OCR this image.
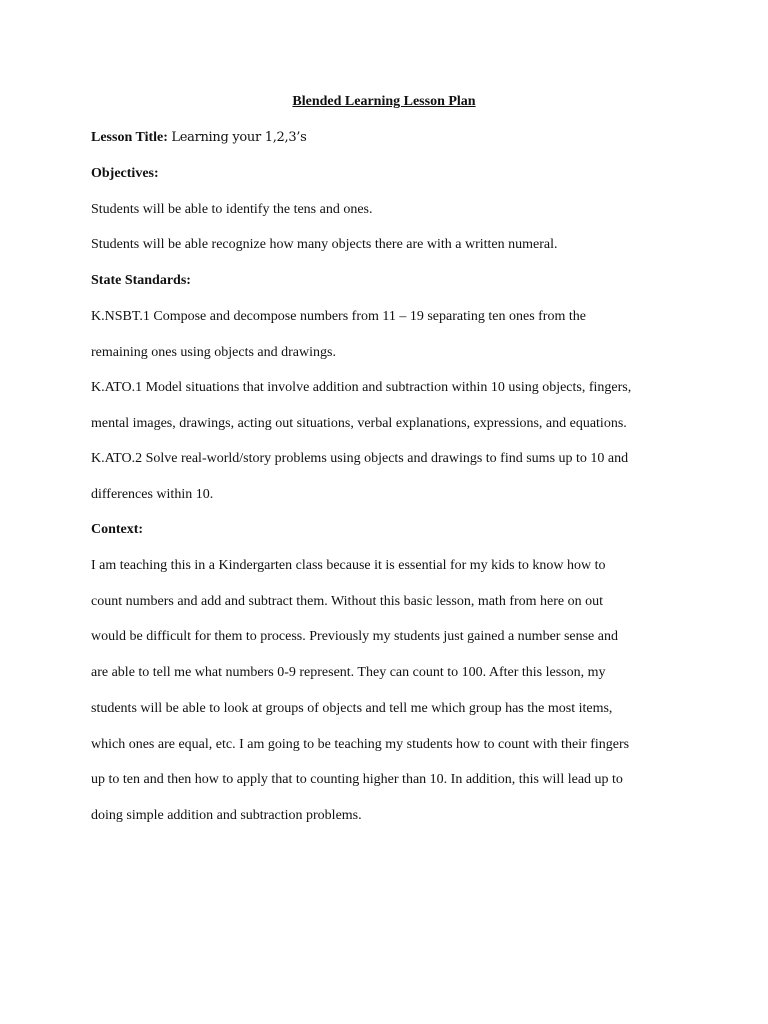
Blended Learning Lesson Plan

Lesson Title: Learning your 1,2,3’s

Objectives:

Students will be able to identify the tens and ones.

Students will be able recognize how many objects there are with a written numeral.

State Standards:

K.NSBT.1 Compose and decompose numbers from 11 – 19 separating ten ones from the

remaining ones using objects and drawings.

K.ATO.1 Model situations that involve addition and subtraction within 10 using objects, fingers,

mental images, drawings, acting out situations, verbal explanations, expressions, and equations.

K.ATO.2 Solve real-world/story problems using objects and drawings to find sums up to 10 and

differences within 10.

Context:

I am teaching this in a Kindergarten class because it is essential for my kids to know how to

count numbers and add and subtract them. Without this basic lesson, math from here on out

would be difficult for them to process. Previously my students just gained a number sense and

are able to tell me what numbers 0-9 represent. They can count to 100. After this lesson, my

students will be able to look at groups of objects and tell me which group has the most items,

which ones are equal, etc. I am going to be teaching my students how to count with their fingers

up to ten and then how to apply that to counting higher than 10. In addition, this will lead up to

doing simple addition and subtraction problems.
